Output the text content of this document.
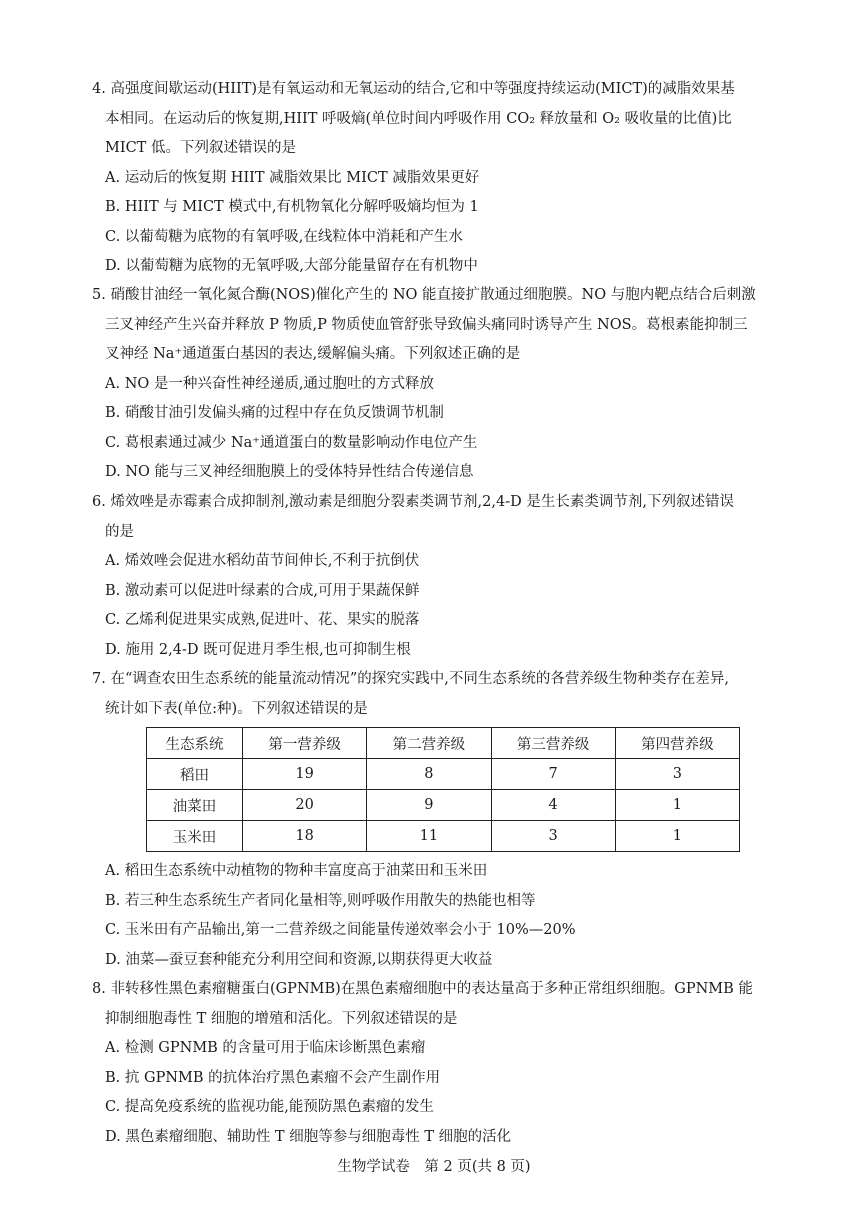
4. 高强度间歇运动(HIIT)是有氧运动和无氧运动的结合,它和中等强度持续运动(MICT)的减脂效果基
本相同。在运动后的恢复期,HIIT 呼吸熵(单位时间内呼吸作用 CO₂ 释放量和 O₂ 吸收量的比值)比
MICT 低。下列叙述错误的是
A. 运动后的恢复期 HIIT 减脂效果比 MICT 减脂效果更好
B. HIIT 与 MICT 模式中,有机物氧化分解呼吸熵均恒为 1
C. 以葡萄糖为底物的有氧呼吸,在线粒体中消耗和产生水
D. 以葡萄糖为底物的无氧呼吸,大部分能量留存在有机物中
5. 硝酸甘油经一氧化氮合酶(NOS)催化产生的 NO 能直接扩散通过细胞膜。NO 与胞内靶点结合后刺激
三叉神经产生兴奋并释放 P 物质,P 物质使血管舒张导致偏头痛同时诱导产生 NOS。葛根素能抑制三
叉神经 Na⁺通道蛋白基因的表达,缓解偏头痛。下列叙述正确的是
A. NO 是一种兴奋性神经递质,通过胞吐的方式释放
B. 硝酸甘油引发偏头痛的过程中存在负反馈调节机制
C. 葛根素通过减少 Na⁺通道蛋白的数量影响动作电位产生
D. NO 能与三叉神经细胞膜上的受体特异性结合传递信息
6. 烯效唑是赤霉素合成抑制剂,激动素是细胞分裂素类调节剂,2,4-D 是生长素类调节剂,下列叙述错误
的是
A. 烯效唑会促进水稻幼苗节间伸长,不利于抗倒伏
B. 激动素可以促进叶绿素的合成,可用于果蔬保鲜
C. 乙烯利促进果实成熟,促进叶、花、果实的脱落
D. 施用 2,4-D 既可促进月季生根,也可抑制生根
7. 在“调查农田生态系统的能量流动情况”的探究实践中,不同生态系统的各营养级生物种类存在差异,
统计如下表(单位:种)。下列叙述错误的是
生态系统	第一营养级	第二营养级	第三营养级	第四营养级
稻田	19	8	7	3
油菜田	20	9	4	1
玉米田	18	11	3	1
A. 稻田生态系统中动植物的物种丰富度高于油菜田和玉米田
B. 若三种生态系统生产者同化量相等,则呼吸作用散失的热能也相等
C. 玉米田有产品输出,第一二营养级之间能量传递效率会小于 10%—20%
D. 油菜—蚕豆套种能充分利用空间和资源,以期获得更大收益
8. 非转移性黑色素瘤糖蛋白(GPNMB)在黑色素瘤细胞中的表达量高于多种正常组织细胞。GPNMB 能
抑制细胞毒性 T 细胞的增殖和活化。下列叙述错误的是
A. 检测 GPNMB 的含量可用于临床诊断黑色素瘤
B. 抗 GPNMB 的抗体治疗黑色素瘤不会产生副作用
C. 提高免疫系统的监视功能,能预防黑色素瘤的发生
D. 黑色素瘤细胞、辅助性 T 细胞等参与细胞毒性 T 细胞的活化
生物学试卷　第 2 页(共 8 页)
